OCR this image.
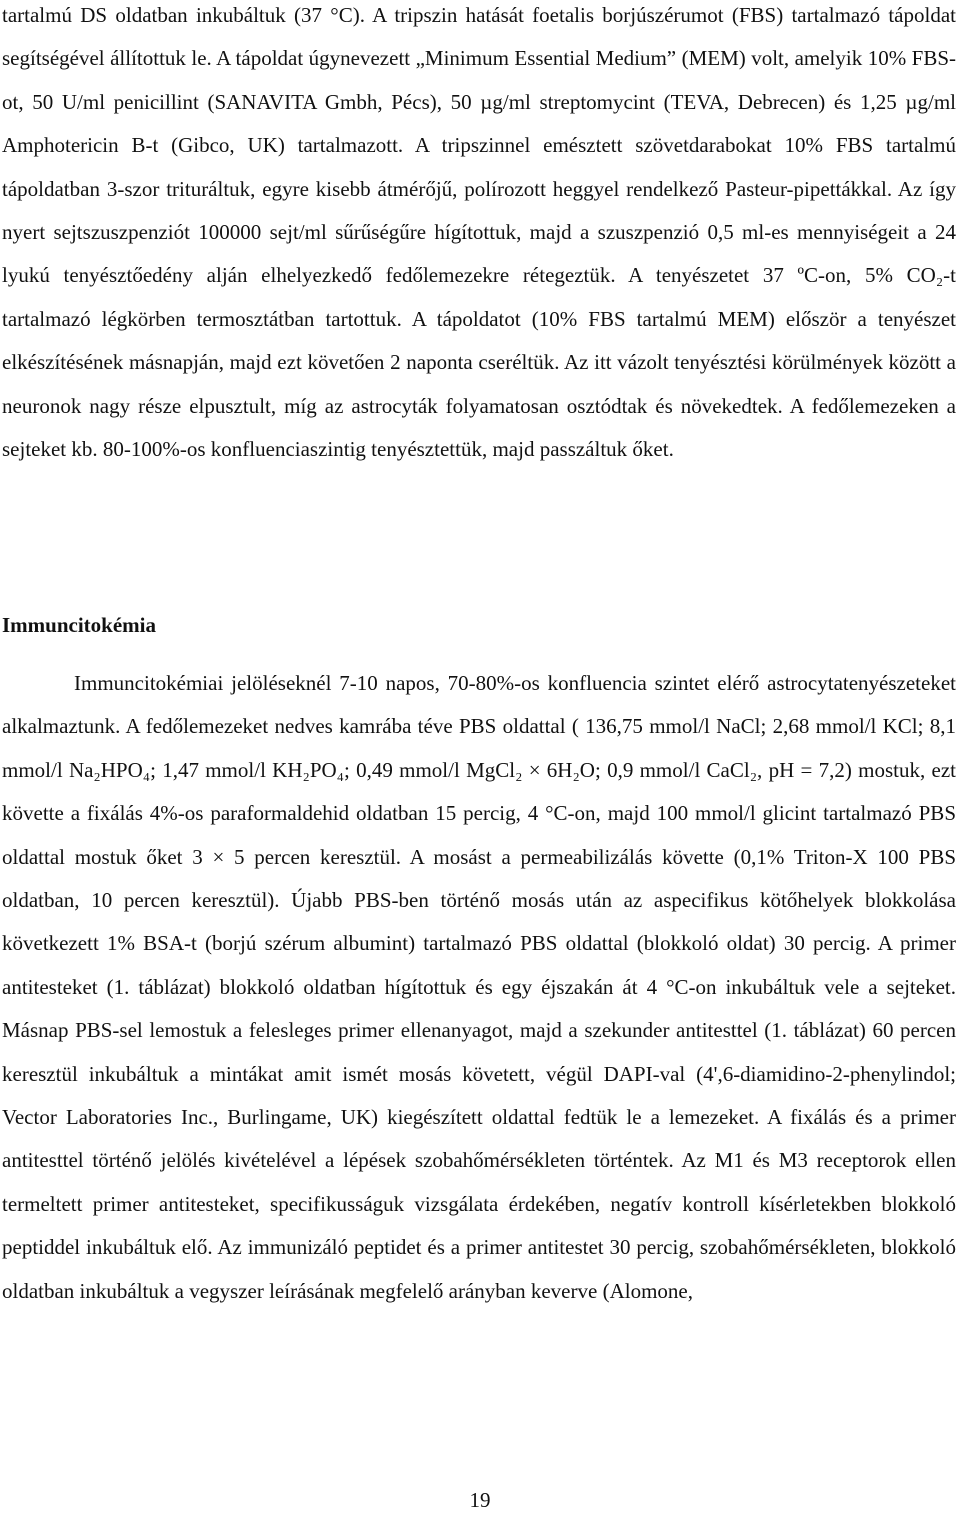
tartalmú DS oldatban inkubáltuk (37 °C). A tripszin hatását foetalis borjúszérumot (FBS) tartalmazó tápoldat segítségével állítottuk le. A tápoldat úgynevezett „Minimum Essential Medium” (MEM) volt, amelyik 10% FBS-ot, 50 U/ml penicillint (SANAVITA Gmbh, Pécs), 50 µg/ml streptomycint (TEVA, Debrecen) és 1,25 µg/ml Amphotericin B-t (Gibco, UK) tartalmazott. A tripszinnel emésztett szövetdarabokat 10% FBS tartalmú tápoldatban 3-szor trituráltuk, egyre kisebb átmérőjű, polírozott heggyel rendelkező Pasteur-pipettákkal. Az így nyert sejtszuszpenziót 100000 sejt/ml sűrűségűre hígítottuk, majd a szuszpenzió 0,5 ml-es mennyiségeit a 24 lyukú tenyésztőedény alján elhelyezkedő fedőlemezekre rétegeztük. A tenyészetet 37 ºC-on, 5% CO₂-t tartalmazó légkörben termosztátban tartottuk. A tápoldatot (10% FBS tartalmú MEM) először a tenyészet elkészítésének másnapján, majd ezt követően 2 naponta cseréltük. Az itt vázolt tenyésztési körülmények között a neuronok nagy része elpusztult, míg az astrocyták folyamatosan osztódtak és növekedtek. A fedőlemezeken a sejteket kb. 80-100%-os konfluenciaszintig tenyésztettük, majd passzáltuk őket.

Immuncitokémia

Immuncitokémiai jelöléseknél 7-10 napos, 70-80%-os konfluencia szintet elérő astrocytatenyészeteket alkalmaztunk. A fedőlemezeket nedves kamrába téve PBS oldattal ( 136,75 mmol/l NaCl; 2,68 mmol/l KCl; 8,1 mmol/l Na₂HPO₄; 1,47 mmol/l KH₂PO₄; 0,49 mmol/l MgCl₂ × 6H₂O; 0,9 mmol/l CaCl₂, pH = 7,2) mostuk, ezt követte a fixálás 4%-os paraformaldehid oldatban 15 percig, 4 °C-on, majd 100 mmol/l glicint tartalmazó PBS oldattal mostuk őket 3 × 5 percen keresztül. A mosást a permeabilizálás követte (0,1% Triton-X 100 PBS oldatban, 10 percen keresztül). Újabb PBS-ben történő mosás után az aspecifikus kötőhelyek blokkolása következett 1% BSA-t (borjú szérum albumint) tartalmazó PBS oldattal (blokkoló oldat) 30 percig. A primer antitesteket (1. táblázat) blokkoló oldatban hígítottuk és egy éjszakán át 4 °C-on inkubáltuk vele a sejteket. Másnap PBS-sel lemostuk a felesleges primer ellenanyagot, majd a szekunder antitesttel (1. táblázat) 60 percen keresztül inkubáltuk a mintákat amit ismét mosás követett, végül DAPI-val (4',6-diamidino-2-phenylindol; Vector Laboratories Inc., Burlingame, UK) kiegészített oldattal fedtük le a lemezeket. A fixálás és a primer antitesttel történő jelölés kivételével a lépések szobahőmérsékleten történtek. Az M1 és M3 receptorok ellen termeltett primer antitesteket, specifikusságuk vizsgálata érdekében, negatív kontroll kísérletekben blokkoló peptiddel inkubáltuk elő. Az immunizáló peptidet és a primer antitestet 30 percig, szobahőmérsékleten, blokkoló oldatban inkubáltuk a vegyszer leírásának megfelelő arányban keverve (Alomone,

19
